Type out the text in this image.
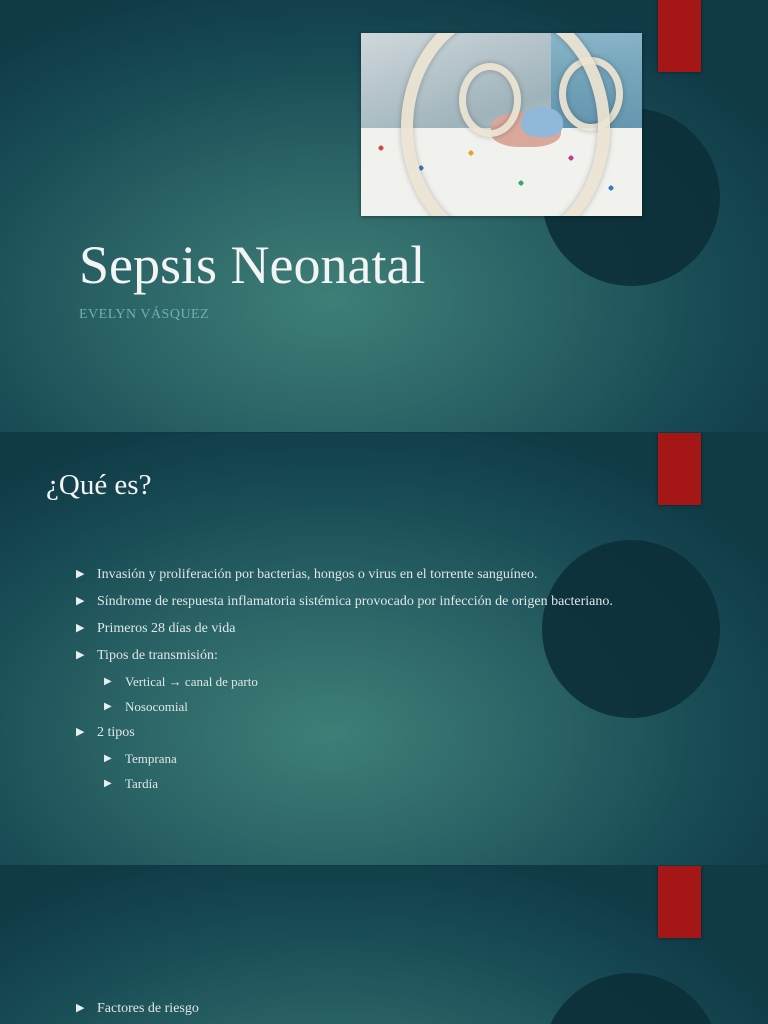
Sepsis Neonatal
EVELYN VÁSQUEZ
¿Qué es?
▶ Invasión y proliferación por bacterias, hongos o virus en el torrente sanguíneo.
▶ Síndrome de respuesta inflamatoria sistémica provocado por infección de origen bacteriano.
▶ Primeros 28 días de vida
▶ Tipos de transmisión:
▶ Vertical → canal de parto
▶ Nosocomial
▶ 2 tipos
▶ Temprana
▶ Tardía
▶ Factores de riesgo
